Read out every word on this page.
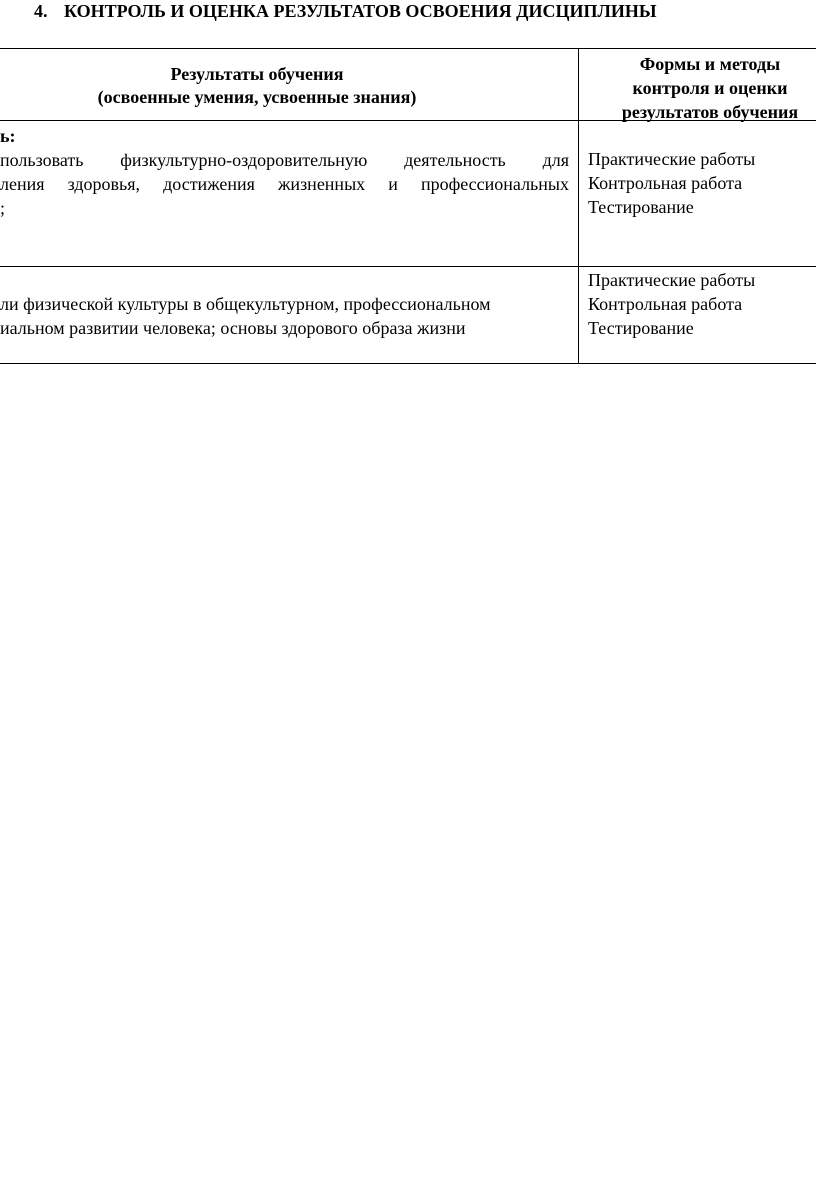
4. КОНТРОЛЬ И ОЦЕНКА РЕЗУЛЬТАТОВ ОСВОЕНИЯ ДИСЦИПЛИНЫ
Результаты обучения
(освоенные умения, усвоенные знания)
Формы и методы
контроля и оценки
результатов обучения
ь:
пользовать физкультурно-оздоровительную деятельность для
ления здоровья, достижения жизненных и профессиональных
;
Практические работы
Контрольная работа
Тестирование
ли физической культуры в общекультурном, профессиональном
иальном развитии человека; основы здорового образа жизни
Практические работы
Контрольная работа
Тестирование
